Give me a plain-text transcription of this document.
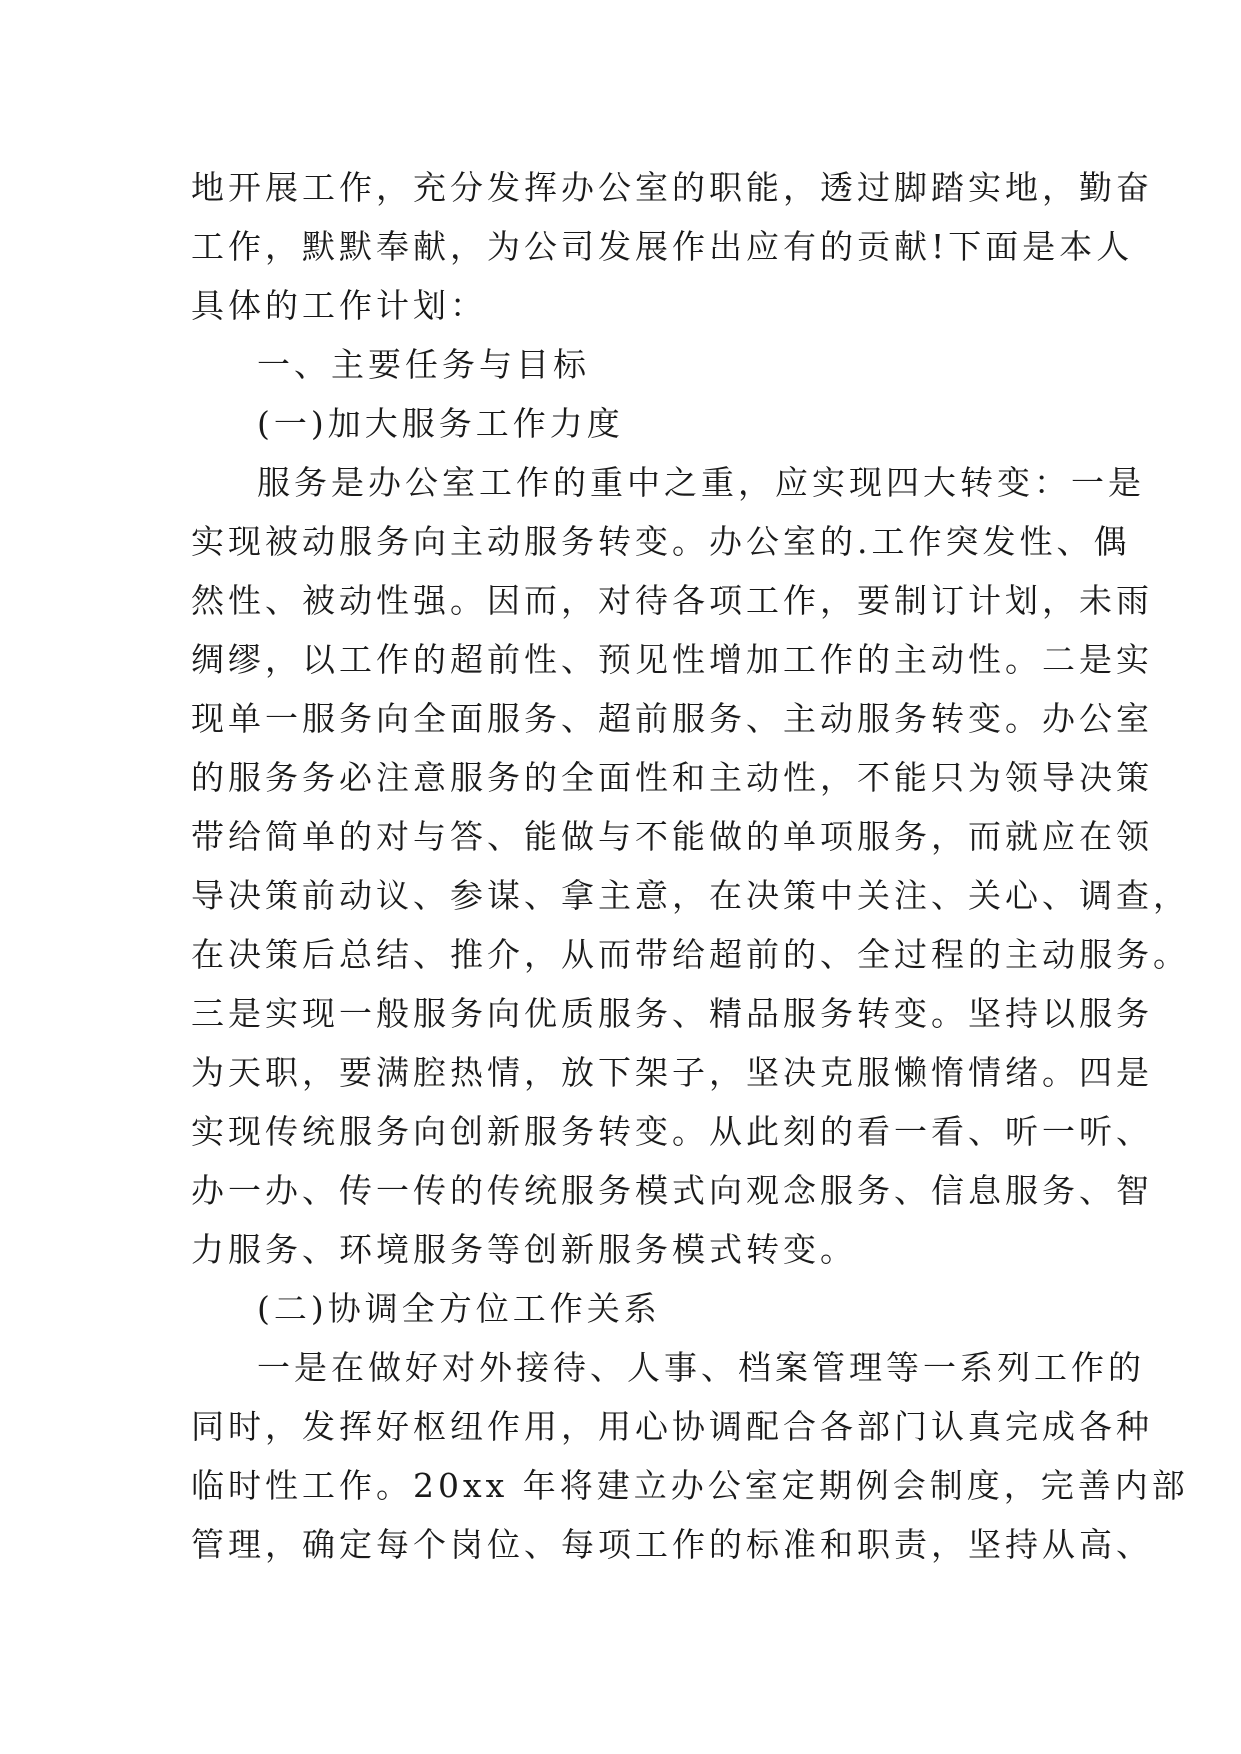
地开展工作，充分发挥办公室的职能，透过脚踏实地，勤奋
工作，默默奉献，为公司发展作出应有的贡献!下面是本人
具体的工作计划：
一、主要任务与目标
(一)加大服务工作力度
服务是办公室工作的重中之重，应实现四大转变：一是
实现被动服务向主动服务转变。办公室的.工作突发性、偶
然性、被动性强。因而，对待各项工作，要制订计划，未雨
绸缪，以工作的超前性、预见性增加工作的主动性。二是实
现单一服务向全面服务、超前服务、主动服务转变。办公室
的服务务必注意服务的全面性和主动性，不能只为领导决策
带给简单的对与答、能做与不能做的单项服务，而就应在领
导决策前动议、参谋、拿主意，在决策中关注、关心、调查，
在决策后总结、推介，从而带给超前的、全过程的主动服务。
三是实现一般服务向优质服务、精品服务转变。坚持以服务
为天职，要满腔热情，放下架子，坚决克服懒惰情绪。四是
实现传统服务向创新服务转变。从此刻的看一看、听一听、
办一办、传一传的传统服务模式向观念服务、信息服务、智
力服务、环境服务等创新服务模式转变。
(二)协调全方位工作关系
一是在做好对外接待、人事、档案管理等一系列工作的
同时，发挥好枢纽作用，用心协调配合各部门认真完成各种
临时性工作。20xx 年将建立办公室定期例会制度，完善内部
管理，确定每个岗位、每项工作的标准和职责，坚持从高、
